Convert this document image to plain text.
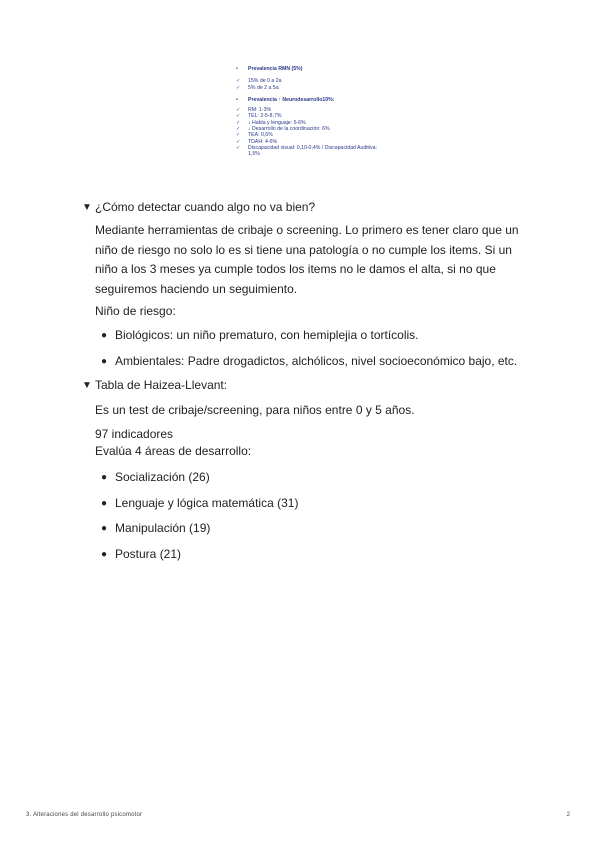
•	Prevalencia RMN (5%)
✓	15% de 0 a 2a
✓	5% de 2 a 5a
•	Prevalencia ↑ Neurodesarrollo10%:
✓	RM: 1-3%
✓	TEL: 2-5-8,7%
✓	↓ Habla y lenguaje: 5-6%
✓	↓ Desarrollo de la coordinación: 6%
✓	TEA: 0,6%
✓	TDAH: 4-6%
✓	Discapacidad visual: 0,10-0,4% / Discapacidad Auditiva: 1,5%
▼ ¿Cómo detectar cuando algo no va bien?
Mediante herramientas de cribaje o screening. Lo primero es tener claro que un
niño de riesgo no solo lo es si tiene una patología o no cumple los items. Si un
niño a los 3 meses ya cumple todos los items no le damos el alta, si no que
seguiremos haciendo un seguimiento.
Niño de riesgo:
● Biológicos: un niño prematuro, con hemiplejia o tortícolis.
● Ambientales: Padre drogadictos, alchólicos, nivel socioeconómico bajo, etc.
▼ Tabla de Haizea-Llevant:
Es un test de cribaje/screening, para niños entre 0 y 5 años.
97 indicadores
Evalúa 4 áreas de desarrollo:
● Socialización (26)
● Lenguaje y lógica matemática (31)
● Manipulación (19)
● Postura (21)
3. Alteraciones del desarrollo psicomotor	2
